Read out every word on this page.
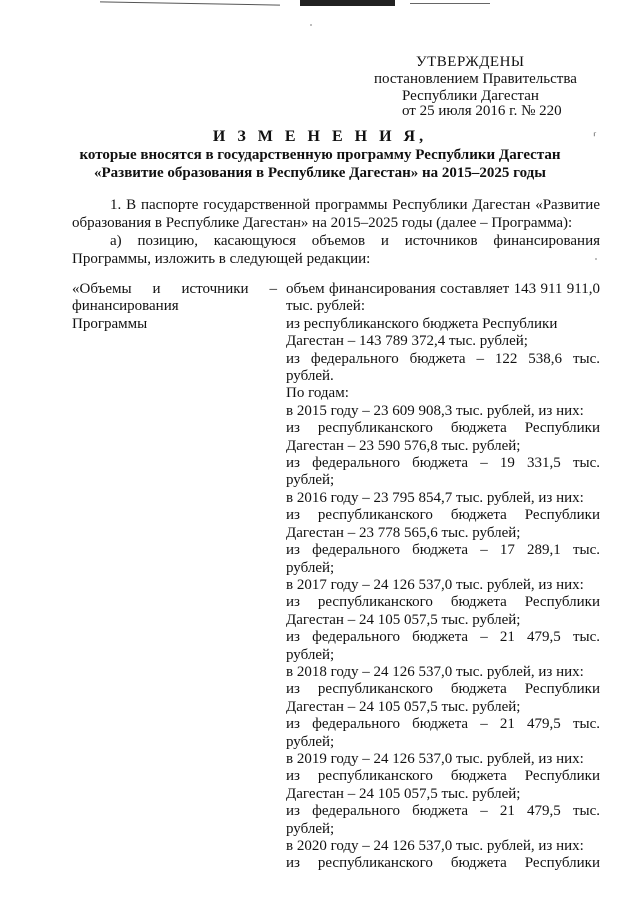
УТВЕРЖДЕНЫ
постановлением Правительства
Республики Дагестан
от 25 июля 2016 г. № 220
⸢
И З М Е Н Е Н И Я,
которые вносятся в государственную программу Республики Дагестан
«Развитие образования в Республике Дагестан» на 2015–2025 годы

1. В паспорте государственной программы Республики Дагестан «Развитие

образования в Республике Дагестан» на 2015–2025 годы (далее – Программа):

а) позицию, касающуюся объемов и источников финансирования

Программы, изложить в следующей редакции:

«Объемы и источники –
финансирования
Программы
объем финансирования составляет 143 911 911,0
тыс. рублей:
из республиканского бюджета Республики
Дагестан – 143 789 372,4 тыс. рублей;
из федерального бюджета – 122 538,6 тыс.
рублей.
По годам:
в 2015 году – 23 609 908,3 тыс. рублей, из них:
из республиканского бюджета Республики
Дагестан – 23 590 576,8 тыс. рублей;
из федерального бюджета – 19 331,5 тыс.
рублей;
в 2016 году – 23 795 854,7 тыс. рублей, из них:
из республиканского бюджета Республики
Дагестан – 23 778 565,6 тыс. рублей;
из федерального бюджета – 17 289,1 тыс.
рублей;
в 2017 году – 24 126 537,0 тыс. рублей, из них:
из республиканского бюджета Республики
Дагестан – 24 105 057,5 тыс. рублей;
из федерального бюджета – 21 479,5 тыс.
рублей;
в 2018 году – 24 126 537,0 тыс. рублей, из них:
из республиканского бюджета Республики
Дагестан – 24 105 057,5 тыс. рублей;
из федерального бюджета – 21 479,5 тыс.
рублей;
в 2019 году – 24 126 537,0 тыс. рублей, из них:
из республиканского бюджета Республики
Дагестан – 24 105 057,5 тыс. рублей;
из федерального бюджета – 21 479,5 тыс.
рублей;
в 2020 году – 24 126 537,0 тыс. рублей, из них:
из республиканского бюджета Республики
